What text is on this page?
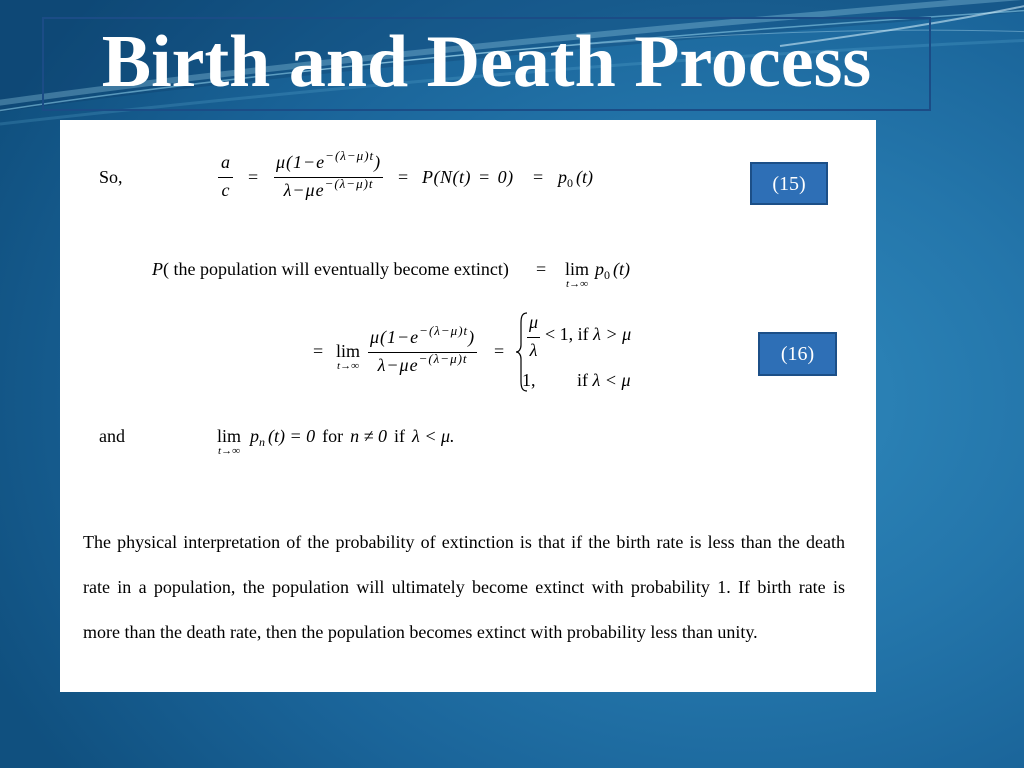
Birth and Death Process
So,
a
c
=
$\mu(1-e^{-(\lambda-\mu)t})$
$\lambda-\mu e^{-(\lambda-\mu)t}$	= $P(N(t) = 0) = p_0$ (t)	(15)
P( the population will eventually become extinct) = lim
t→∞
$p_0$ (t)
= lim
t→∞
$\mu(1-e^{-(\lambda-\mu)t})$
$\lambda-\mu e^{-(\lambda-\mu)t}$	=
μ
λ
< 1, if λ > μ
1, if λ < μ
(16)
and	lim
t→∞
$p_n$ (t) = 0 for n ≠ 0 if λ < μ.
The physical interpretation of the probability of extinction is that if the birth rate is less than the death
rate in a population, the population will ultimately become extinct with probability 1. If birth rate is
more than the death rate, then the population becomes extinct with probability less than unity.
